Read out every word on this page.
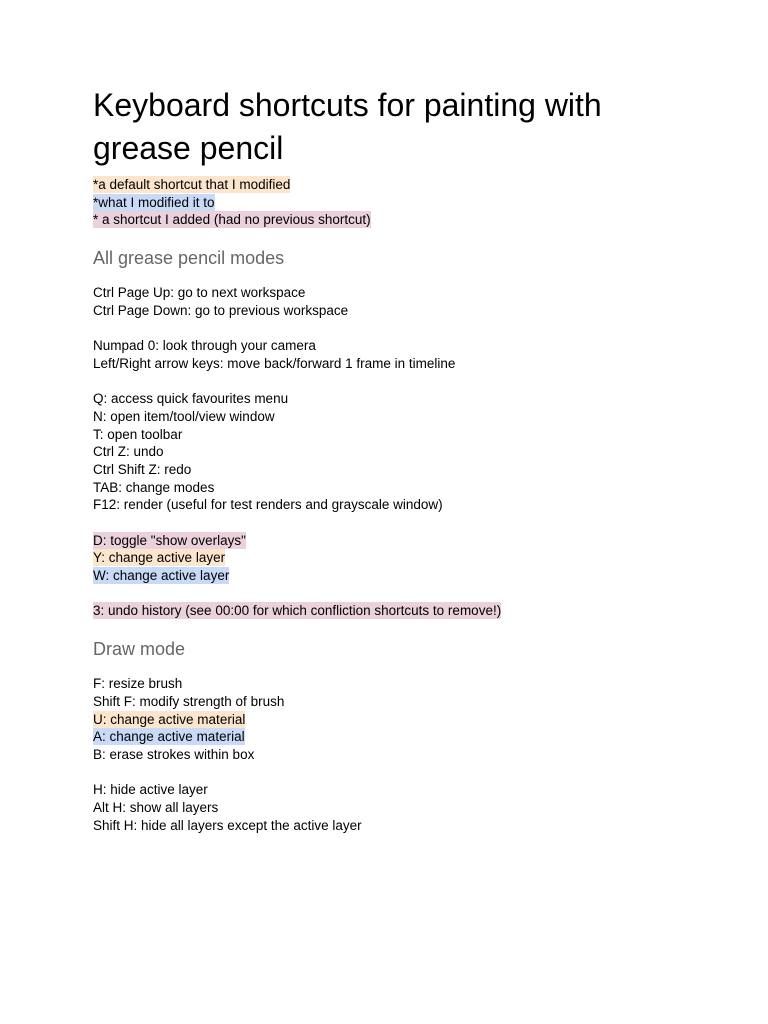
Keyboard shortcuts for painting with grease pencil
*a default shortcut that I modified
*what I modified it to
* a shortcut I added (had no previous shortcut)
All grease pencil modes
Ctrl Page Up: go to next workspace
Ctrl Page Down: go to previous workspace
Numpad 0: look through your camera
Left/Right arrow keys: move back/forward 1 frame in timeline
Q: access quick favourites menu
N: open item/tool/view window
T: open toolbar
Ctrl Z: undo
Ctrl Shift Z: redo
TAB: change modes
F12: render (useful for test renders and grayscale window)
D: toggle "show overlays"
Y: change active layer
W: change active layer
3: undo history (see 00:00 for which confliction shortcuts to remove!)
Draw mode
F: resize brush
Shift F: modify strength of brush
U: change active material
A: change active material
B: erase strokes within box
H: hide active layer
Alt H: show all layers
Shift H: hide all layers except the active layer
